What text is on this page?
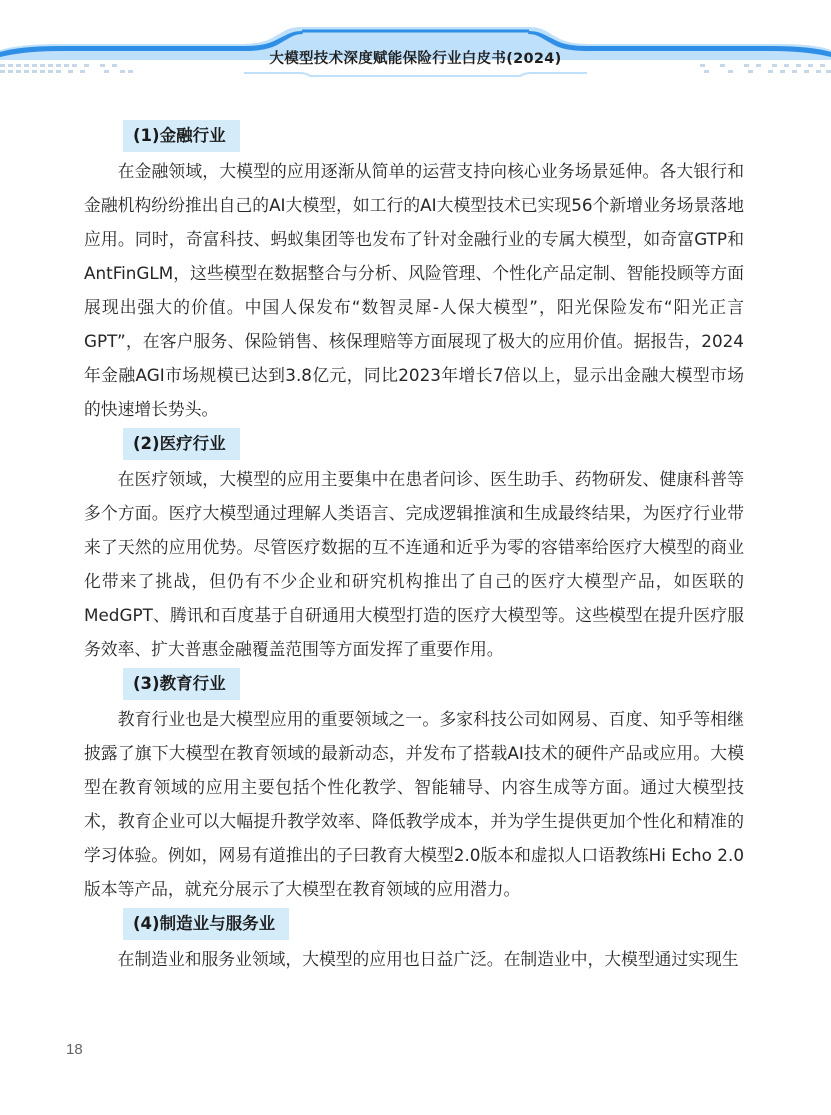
大模型技术深度赋能保险行业白皮书(2024)
(1)金融行业

在金融领域，大模型的应用逐渐从简单的运营支持向核心业务场景延伸。各大银行和金融机构纷纷推出自己的AI大模型，如工行的AI大模型技术已实现56个新增业务场景落地应用。同时，奇富科技、蚂蚁集团等也发布了针对金融行业的专属大模型，如奇富GTP和AntFinGLM，这些模型在数据整合与分析、风险管理、个性化产品定制、智能投顾等方面展现出强大的价值。中国人保发布“数智灵犀-人保大模型”，阳光保险发布“阳光正言GPT”，在客户服务、保险销售、核保理赔等方面展现了极大的应用价值。据报告，2024年金融AGI市场规模已达到3.8亿元，同比2023年增长7倍以上，显示出金融大模型市场的快速增长势头。

(2)医疗行业

在医疗领域，大模型的应用主要集中在患者问诊、医生助手、药物研发、健康科普等多个方面。医疗大模型通过理解人类语言、完成逻辑推演和生成最终结果，为医疗行业带来了天然的应用优势。尽管医疗数据的互不连通和近乎为零的容错率给医疗大模型的商业化带来了挑战，但仍有不少企业和研究机构推出了自己的医疗大模型产品，如医联的MedGPT、腾讯和百度基于自研通用大模型打造的医疗大模型等。这些模型在提升医疗服务效率、扩大普惠金融覆盖范围等方面发挥了重要作用。

(3)教育行业

教育行业也是大模型应用的重要领域之一。多家科技公司如网易、百度、知乎等相继披露了旗下大模型在教育领域的最新动态，并发布了搭载AI技术的硬件产品或应用。大模型在教育领域的应用主要包括个性化教学、智能辅导、内容生成等方面。通过大模型技术，教育企业可以大幅提升教学效率、降低教学成本，并为学生提供更加个性化和精准的学习体验。例如，网易有道推出的子曰教育大模型2.0版本和虚拟人口语教练Hi Echo 2.0版本等产品，就充分展示了大模型在教育领域的应用潜力。

(4)制造业与服务业

在制造业和服务业领域，大模型的应用也日益广泛。在制造业中，大模型通过实现生

18
